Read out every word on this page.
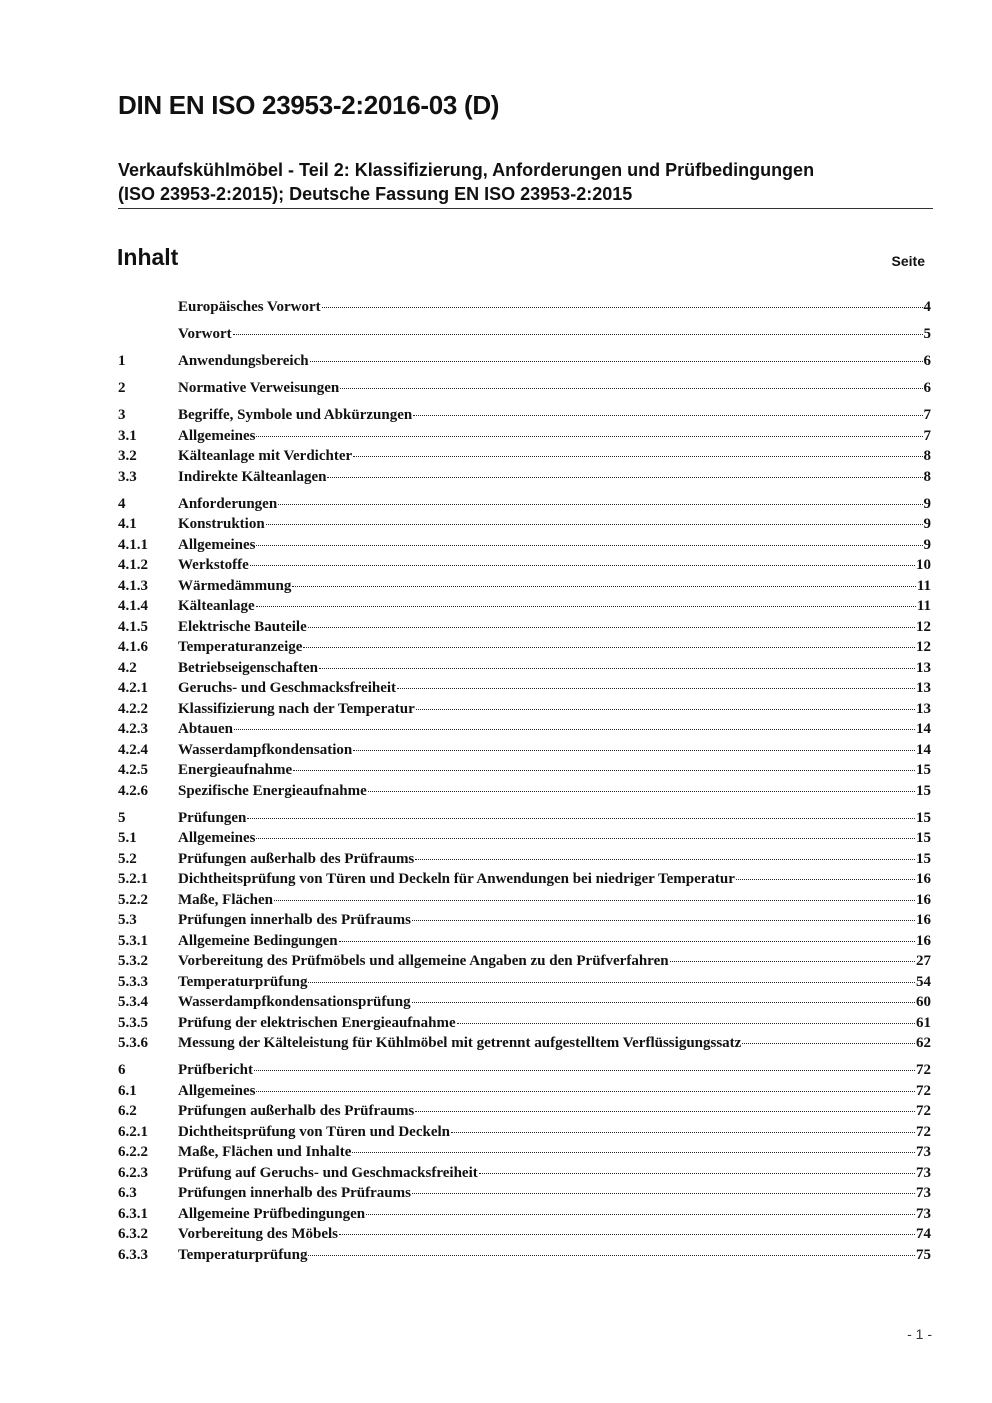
DIN EN ISO 23953-2:2016-03 (D)
Verkaufskühlmöbel - Teil 2: Klassifizierung, Anforderungen und Prüfbedingungen
(ISO 23953-2:2015); Deutsche Fassung EN ISO 23953-2:2015
Inhalt	Seite
Europäisches Vorwort	4
Vorwort	5
1	Anwendungsbereich	6
2	Normative Verweisungen	6
3	Begriffe, Symbole und Abkürzungen	7
3.1	Allgemeines	7
3.2	Kälteanlage mit Verdichter	8
3.3	Indirekte Kälteanlagen	8
4	Anforderungen	9
4.1	Konstruktion	9
4.1.1	Allgemeines	9
4.1.2	Werkstoffe	10
4.1.3	Wärmedämmung	11
4.1.4	Kälteanlage	11
4.1.5	Elektrische Bauteile	12
4.1.6	Temperaturanzeige	12
4.2	Betriebseigenschaften	13
4.2.1	Geruchs- und Geschmacksfreiheit	13
4.2.2	Klassifizierung nach der Temperatur	13
4.2.3	Abtauen	14
4.2.4	Wasserdampfkondensation	14
4.2.5	Energieaufnahme	15
4.2.6	Spezifische Energieaufnahme	15
5	Prüfungen	15
5.1	Allgemeines	15
5.2	Prüfungen außerhalb des Prüfraums	15
5.2.1	Dichtheitsprüfung von Türen und Deckeln für Anwendungen bei niedriger Temperatur	16
5.2.2	Maße, Flächen	16
5.3	Prüfungen innerhalb des Prüfraums	16
5.3.1	Allgemeine Bedingungen	16
5.3.2	Vorbereitung des Prüfmöbels und allgemeine Angaben zu den Prüfverfahren	27
5.3.3	Temperaturprüfung	54
5.3.4	Wasserdampfkondensationsprüfung	60
5.3.5	Prüfung der elektrischen Energieaufnahme	61
5.3.6	Messung der Kälteleistung für Kühlmöbel mit getrennt aufgestelltem Verflüssigungssatz	62
6	Prüfbericht	72
6.1	Allgemeines	72
6.2	Prüfungen außerhalb des Prüfraums	72
6.2.1	Dichtheitsprüfung von Türen und Deckeln	72
6.2.2	Maße, Flächen und Inhalte	73
6.2.3	Prüfung auf Geruchs- und Geschmacksfreiheit	73
6.3	Prüfungen innerhalb des Prüfraums	73
6.3.1	Allgemeine Prüfbedingungen	73
6.3.2	Vorbereitung des Möbels	74
6.3.3	Temperaturprüfung	75
- 1 -
